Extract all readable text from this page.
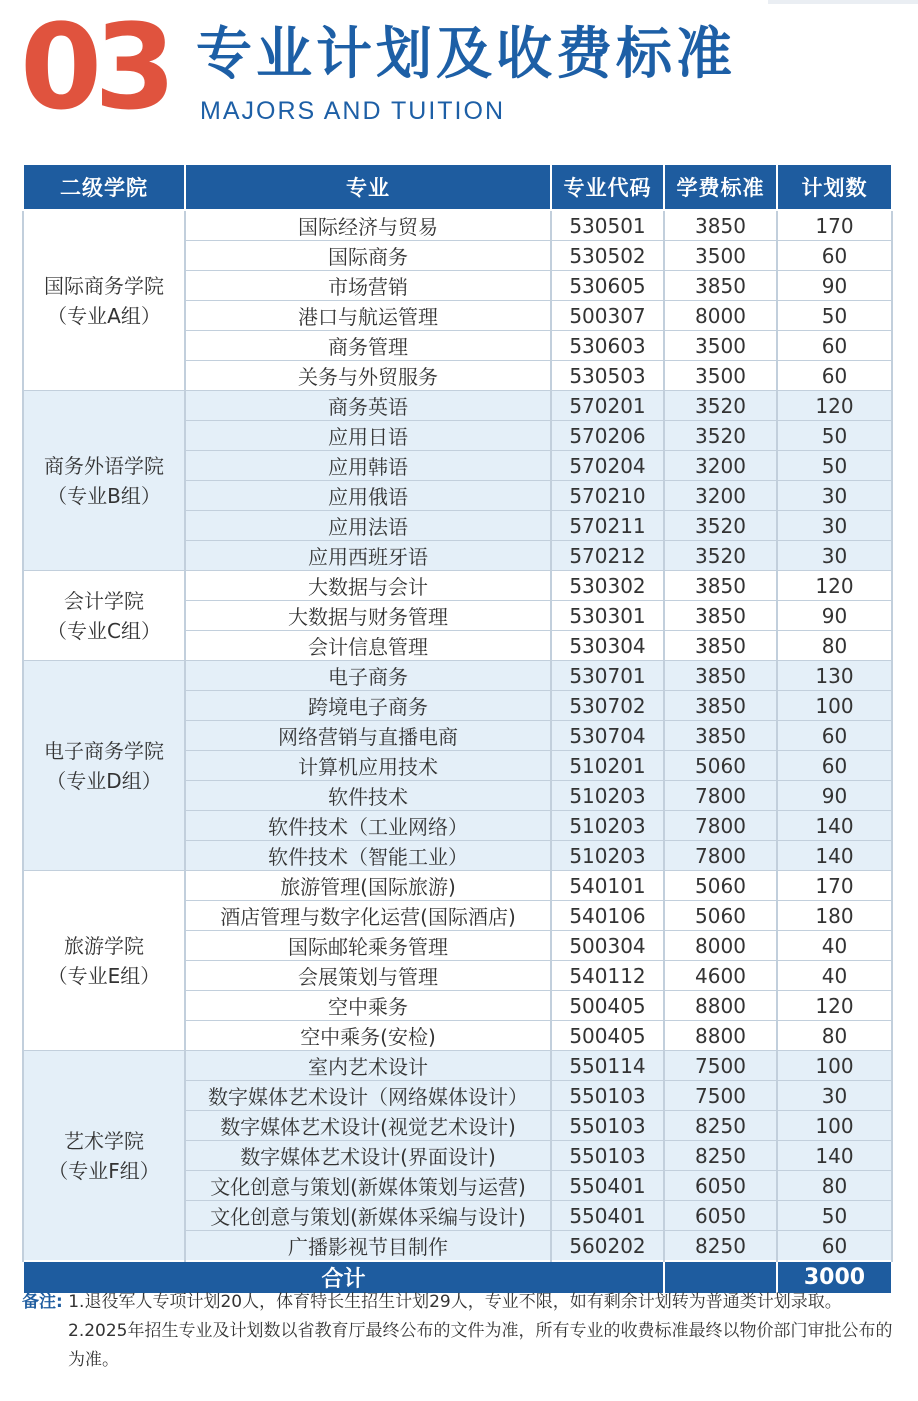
03 专业计划及收费标准
MAJORS AND TUITION
二级学院	专业	专业代码	学费标准	计划数

国际商务学院
（专业A组）	国际经济与贸易	530501	3850	170
	国际商务	530502	3500	60
	市场营销	530605	3850	90
	港口与航运管理	500307	8000	50
	商务管理	530603	3500	60
	关务与外贸服务	530503	3500	60

商务外语学院
（专业B组）	商务英语	570201	3520	120
	应用日语	570206	3520	50
	应用韩语	570204	3200	50
	应用俄语	570210	3200	30
	应用法语	570211	3520	30
	应用西班牙语	570212	3520	30

会计学院
（专业C组）	大数据与会计	530302	3850	120
	大数据与财务管理	530301	3850	90
	会计信息管理	530304	3850	80

电子商务学院
（专业D组）	电子商务	530701	3850	130
	跨境电子商务	530702	3850	100
	网络营销与直播电商	530704	3850	60
	计算机应用技术	510201	5060	60
	软件技术	510203	7800	90
	软件技术（工业网络）	510203	7800	140
	软件技术（智能工业）	510203	7800	140

旅游学院
（专业E组）	旅游管理(国际旅游)	540101	5060	170
	酒店管理与数字化运营(国际酒店)	540106	5060	180
	国际邮轮乘务管理	500304	8000	40
	会展策划与管理	540112	4600	40
	空中乘务	500405	8800	120
	空中乘务(安检)	500405	8800	80

艺术学院
（专业F组）	室内艺术设计	550114	7500	100
	数字媒体艺术设计（网络媒体设计）	550103	7500	30
	数字媒体艺术设计(视觉艺术设计)	550103	8250	100
	数字媒体艺术设计(界面设计)	550103	8250	140
	文化创意与策划(新媒体策划与运营)	550401	6050	80
	文化创意与策划(新媒体采编与设计)	550401	6050	50
	广播影视节目制作	560202	8250	60
合计				3000
备注: 1.退役军人专项计划20人，体育特长生招生计划29人，专业不限，如有剩余计划转为普通类计划录取。
2.2025年招生专业及计划数以省教育厅最终公布的文件为准，所有专业的收费标准最终以物价部门审批公布的为准。
